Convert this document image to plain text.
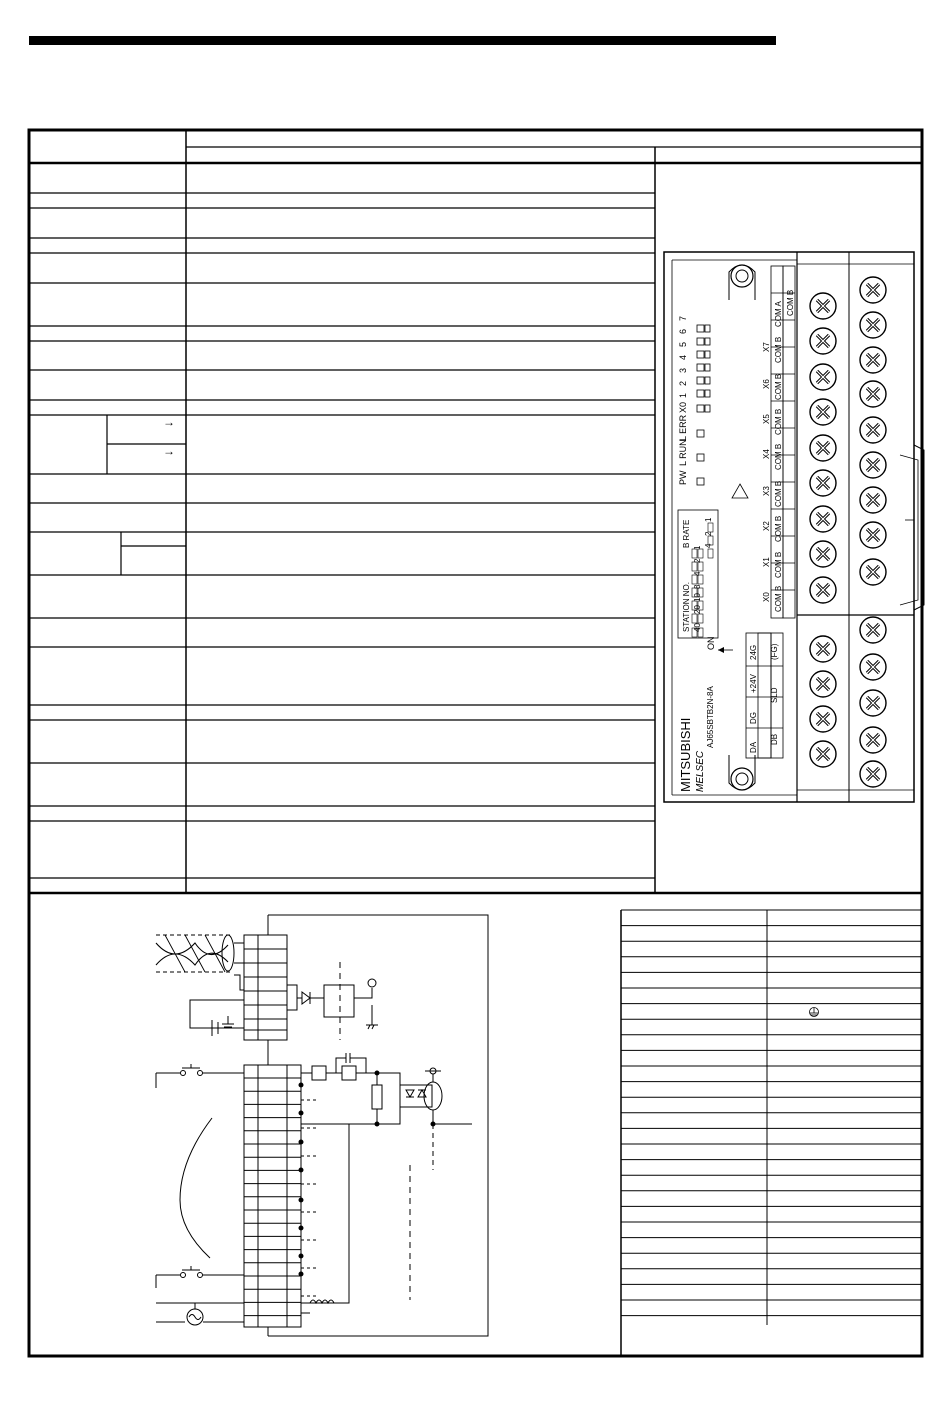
→
→
MITSUBISHI MELSEC
AJ65SBTB2N-8A
PW
L RUN
L ERR
X0
1
2
3
4
5
6
7
STATION NO. 40
20
10
8
4
2
1
B RATE 4
2
1
ON
X0
X1
X2
X3
X4
X5
X6
X7
COM B
COM B
COM B
COM B
COM B
COM B
COM B
COM B
COM A COM B
DA
DG
+24V
24G
DB
SLD
(FG)
